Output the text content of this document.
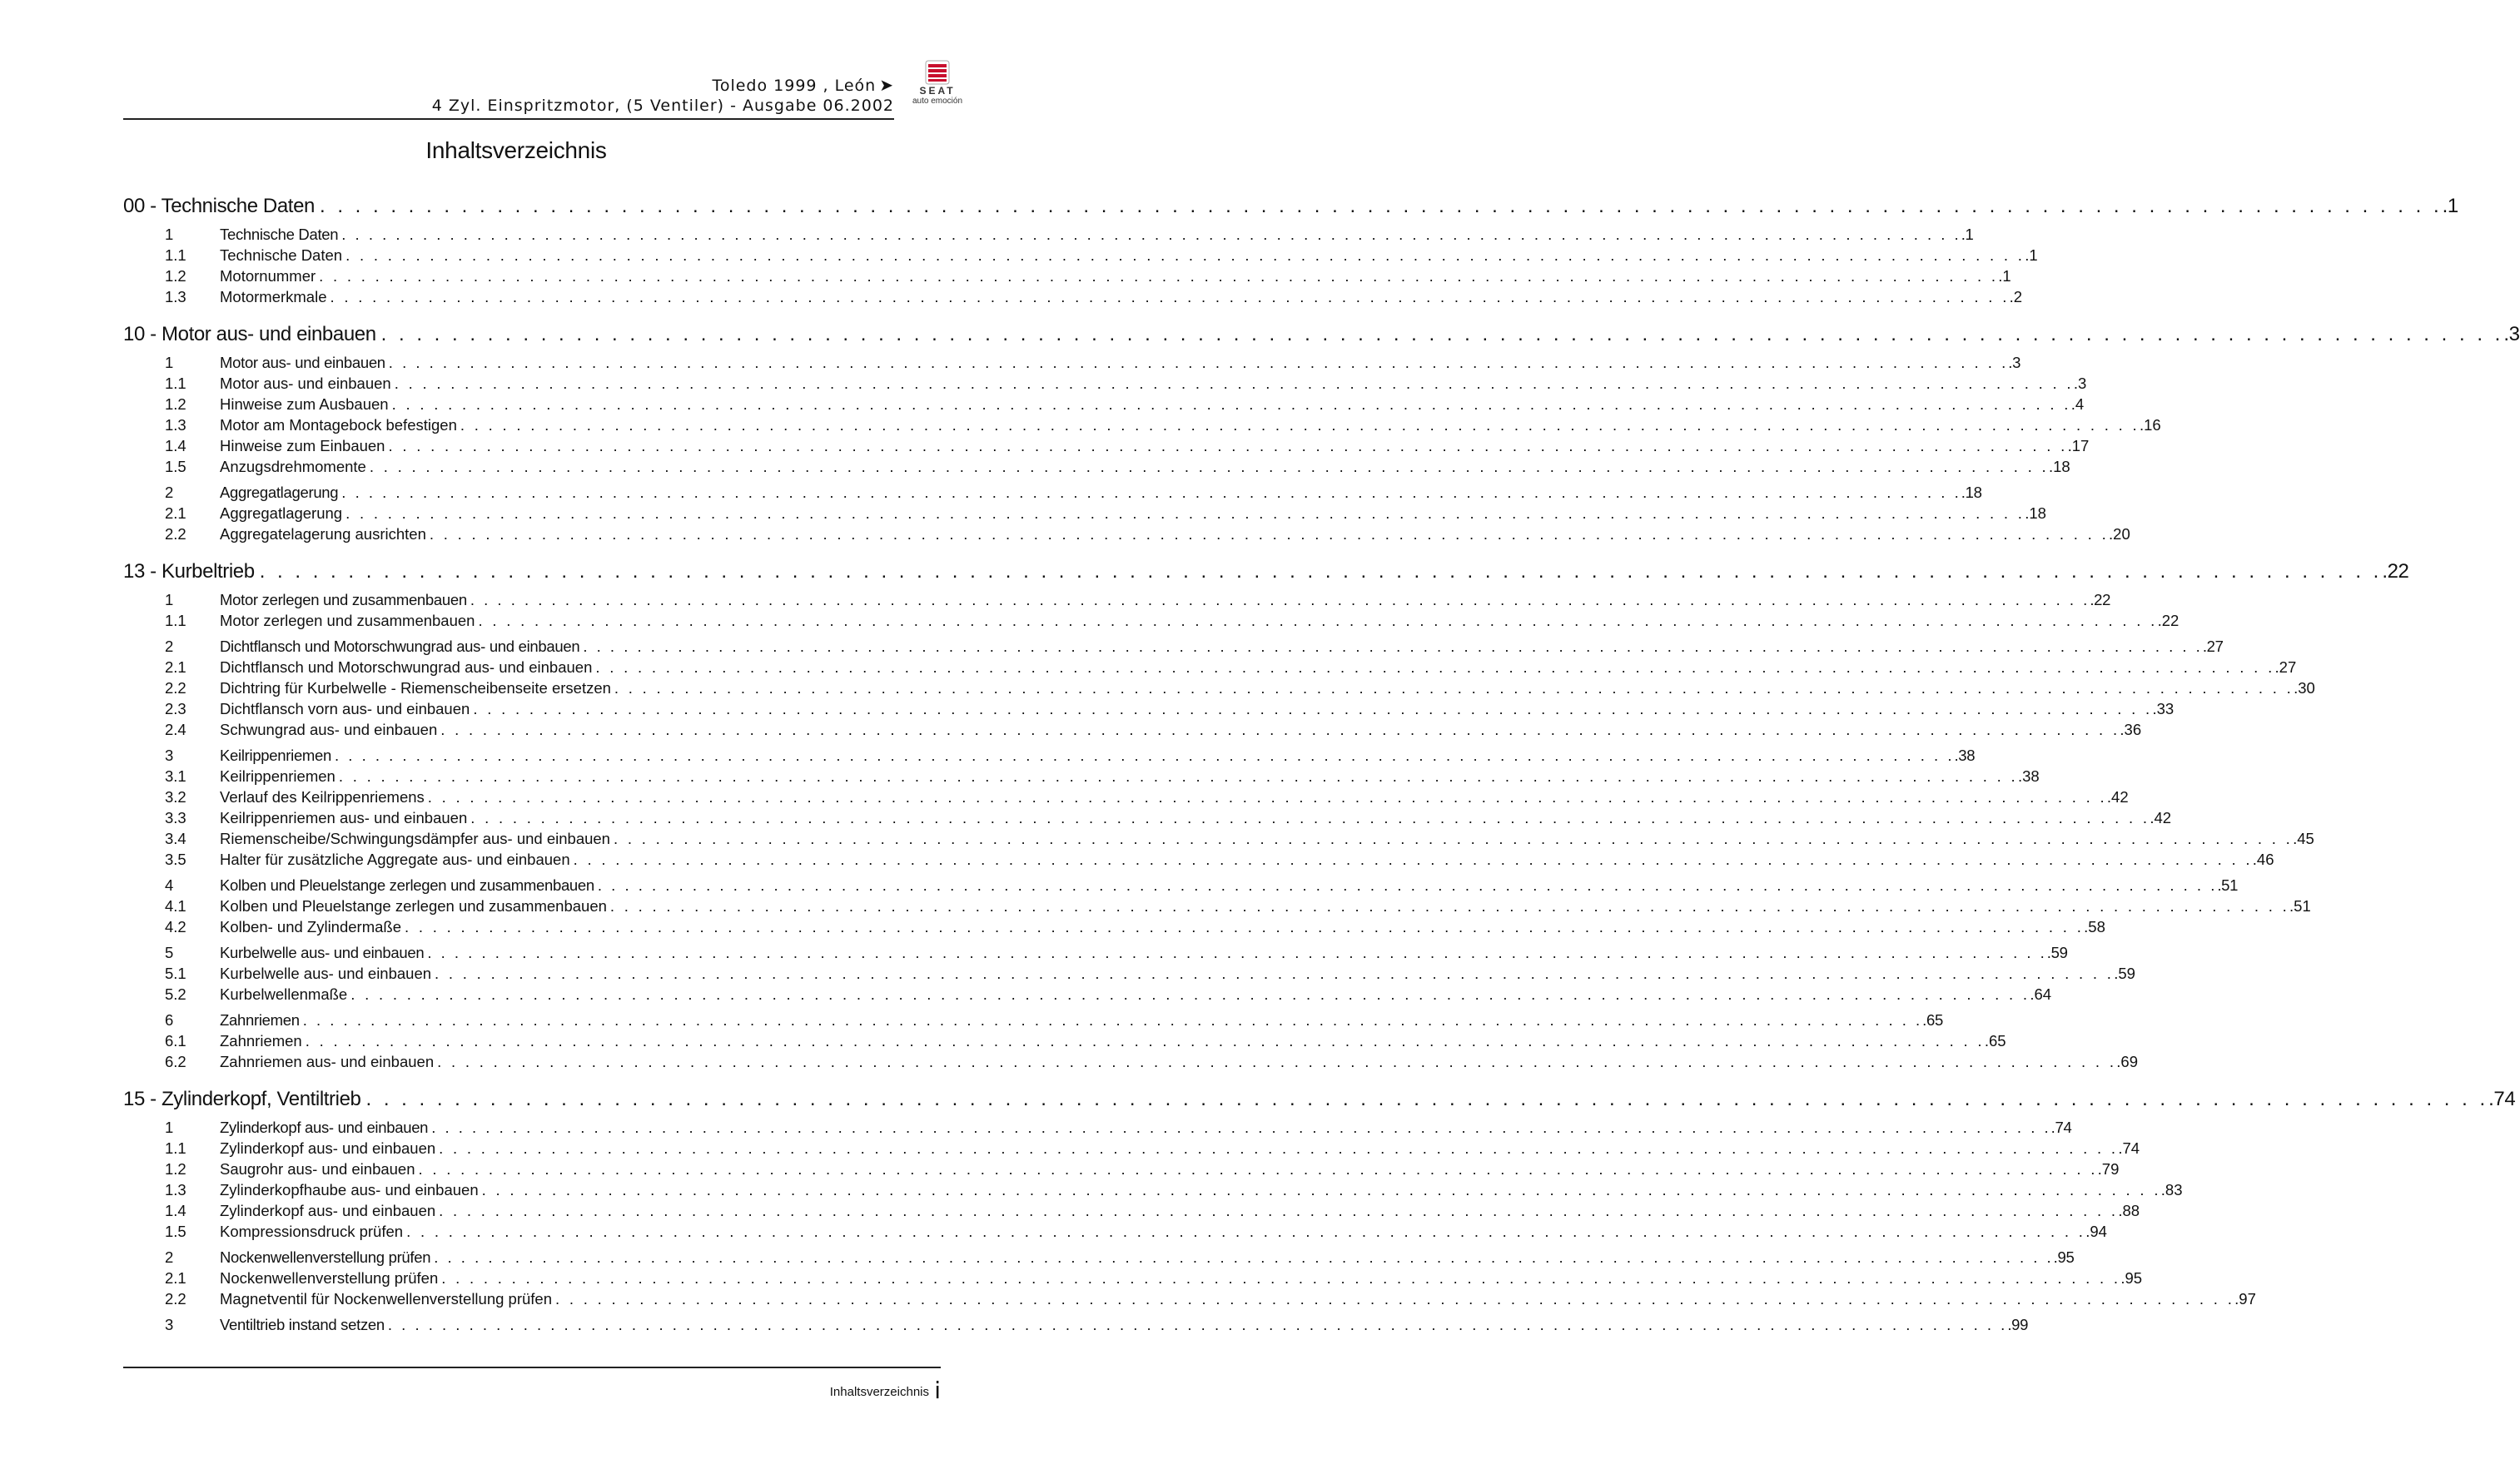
Toledo 1999 , León ➤
4 Zyl. Einspritzmotor, (5 Ventiler) - Ausgabe 06.2002
SEAT
auto emoción
Inhaltsverzeichnis
00 - Technische Daten . . . . . . . . . . . . . . . . . . . . . . . . . . . . . . . . . . . . . . . . . . . . . . . . . . . . . . . . . . . . . . . . . . . . . . . . . . . . . . . . . . . . . . . . . . . . . . . . . . . . . . . . . . . . . . . . . . . . . . . . .1
1	Technische Daten . . . . . . . . . . . . . . . . . . . . . . . . . . . . . . . . . . . . . . . . . . . . . . . . . . . . . . . . . . . . . . . . . . . . . . . . . . . . . . . . . . . . . . . . . . . . . . . . . . . . . . . . . . . . . . . . . . . . . . . . .1
1.1	Technische Daten . . . . . . . . . . . . . . . . . . . . . . . . . . . . . . . . . . . . . . . . . . . . . . . . . . . . . . . . . . . . . . . . . . . . . . . . . . . . . . . . . . . . . . . . . . . . . . . . . . . . . . . . . . . . . . . . . . . . . . . . .1
1.2	Motornummer . . . . . . . . . . . . . . . . . . . . . . . . . . . . . . . . . . . . . . . . . . . . . . . . . . . . . . . . . . . . . . . . . . . . . . . . . . . . . . . . . . . . . . . . . . . . . . . . . . . . . . . . . . . . . . . . . . . . . . . . .1
1.3	Motormerkmale . . . . . . . . . . . . . . . . . . . . . . . . . . . . . . . . . . . . . . . . . . . . . . . . . . . . . . . . . . . . . . . . . . . . . . . . . . . . . . . . . . . . . . . . . . . . . . . . . . . . . . . . . . . . . . . . . . . . . . . . .2
10 - Motor aus- und einbauen . . . . . . . . . . . . . . . . . . . . . . . . . . . . . . . . . . . . . . . . . . . . . . . . . . . . . . . . . . . . . . . . . . . . . . . . . . . . . . . . . . . . . . . . . . . . . . . . . . . . . . . . . . . . . . . . . . . . . . . . .3
1	Motor aus- und einbauen . . . . . . . . . . . . . . . . . . . . . . . . . . . . . . . . . . . . . . . . . . . . . . . . . . . . . . . . . . . . . . . . . . . . . . . . . . . . . . . . . . . . . . . . . . . . . . . . . . . . . . . . . . . . . . . . . . . . . . . . .3
1.1	Motor aus- und einbauen . . . . . . . . . . . . . . . . . . . . . . . . . . . . . . . . . . . . . . . . . . . . . . . . . . . . . . . . . . . . . . . . . . . . . . . . . . . . . . . . . . . . . . . . . . . . . . . . . . . . . . . . . . . . . . . . . . . . . . . . .3
1.2	Hinweise zum Ausbauen . . . . . . . . . . . . . . . . . . . . . . . . . . . . . . . . . . . . . . . . . . . . . . . . . . . . . . . . . . . . . . . . . . . . . . . . . . . . . . . . . . . . . . . . . . . . . . . . . . . . . . . . . . . . . . . . . . . . . . . . .4
1.3	Motor am Montagebock befestigen . . . . . . . . . . . . . . . . . . . . . . . . . . . . . . . . . . . . . . . . . . . . . . . . . . . . . . . . . . . . . . . . . . . . . . . . . . . . . . . . . . . . . . . . . . . . . . . . . . . . . . . . . . . . . . . . . . . . . . . . .16
1.4	Hinweise zum Einbauen . . . . . . . . . . . . . . . . . . . . . . . . . . . . . . . . . . . . . . . . . . . . . . . . . . . . . . . . . . . . . . . . . . . . . . . . . . . . . . . . . . . . . . . . . . . . . . . . . . . . . . . . . . . . . . . . . . . . . . . . .17
1.5	Anzugsdrehmomente . . . . . . . . . . . . . . . . . . . . . . . . . . . . . . . . . . . . . . . . . . . . . . . . . . . . . . . . . . . . . . . . . . . . . . . . . . . . . . . . . . . . . . . . . . . . . . . . . . . . . . . . . . . . . . . . . . . . . . . . .18
2	Aggregatlagerung . . . . . . . . . . . . . . . . . . . . . . . . . . . . . . . . . . . . . . . . . . . . . . . . . . . . . . . . . . . . . . . . . . . . . . . . . . . . . . . . . . . . . . . . . . . . . . . . . . . . . . . . . . . . . . . . . . . . . . . . .18
2.1	Aggregatlagerung . . . . . . . . . . . . . . . . . . . . . . . . . . . . . . . . . . . . . . . . . . . . . . . . . . . . . . . . . . . . . . . . . . . . . . . . . . . . . . . . . . . . . . . . . . . . . . . . . . . . . . . . . . . . . . . . . . . . . . . . .18
2.2	Aggregatelagerung ausrichten . . . . . . . . . . . . . . . . . . . . . . . . . . . . . . . . . . . . . . . . . . . . . . . . . . . . . . . . . . . . . . . . . . . . . . . . . . . . . . . . . . . . . . . . . . . . . . . . . . . . . . . . . . . . . . . . . . . . . . . . .20
13 - Kurbeltrieb . . . . . . . . . . . . . . . . . . . . . . . . . . . . . . . . . . . . . . . . . . . . . . . . . . . . . . . . . . . . . . . . . . . . . . . . . . . . . . . . . . . . . . . . . . . . . . . . . . . . . . . . . . . . . . . . . . . . . . . . .22
1	Motor zerlegen und zusammenbauen . . . . . . . . . . . . . . . . . . . . . . . . . . . . . . . . . . . . . . . . . . . . . . . . . . . . . . . . . . . . . . . . . . . . . . . . . . . . . . . . . . . . . . . . . . . . . . . . . . . . . . . . . . . . . . . . . . . . . . . . .22
1.1	Motor zerlegen und zusammenbauen . . . . . . . . . . . . . . . . . . . . . . . . . . . . . . . . . . . . . . . . . . . . . . . . . . . . . . . . . . . . . . . . . . . . . . . . . . . . . . . . . . . . . . . . . . . . . . . . . . . . . . . . . . . . . . . . . . . . . . . . .22
2	Dichtflansch und Motorschwungrad aus- und einbauen . . . . . . . . . . . . . . . . . . . . . . . . . . . . . . . . . . . . . . . . . . . . . . . . . . . . . . . . . . . . . . . . . . . . . . . . . . . . . . . . . . . . . . . . . . . . . . . . . . . . . . . . . . . . . . . . . . . . . . . . .27
2.1	Dichtflansch und Motorschwungrad aus- und einbauen . . . . . . . . . . . . . . . . . . . . . . . . . . . . . . . . . . . . . . . . . . . . . . . . . . . . . . . . . . . . . . . . . . . . . . . . . . . . . . . . . . . . . . . . . . . . . . . . . . . . . . . . . . . . . . . . . . . . . . . . .27
2.2	Dichtring für Kurbelwelle - Riemenscheibenseite ersetzen . . . . . . . . . . . . . . . . . . . . . . . . . . . . . . . . . . . . . . . . . . . . . . . . . . . . . . . . . . . . . . . . . . . . . . . . . . . . . . . . . . . . . . . . . . . . . . . . . . . . . . . . . . . . . . . . . . . . . . . . .30
2.3	Dichtflansch vorn aus- und einbauen . . . . . . . . . . . . . . . . . . . . . . . . . . . . . . . . . . . . . . . . . . . . . . . . . . . . . . . . . . . . . . . . . . . . . . . . . . . . . . . . . . . . . . . . . . . . . . . . . . . . . . . . . . . . . . . . . . . . . . . . .33
2.4	Schwungrad aus- und einbauen . . . . . . . . . . . . . . . . . . . . . . . . . . . . . . . . . . . . . . . . . . . . . . . . . . . . . . . . . . . . . . . . . . . . . . . . . . . . . . . . . . . . . . . . . . . . . . . . . . . . . . . . . . . . . . . . . . . . . . . . .36
3	Keilrippenriemen . . . . . . . . . . . . . . . . . . . . . . . . . . . . . . . . . . . . . . . . . . . . . . . . . . . . . . . . . . . . . . . . . . . . . . . . . . . . . . . . . . . . . . . . . . . . . . . . . . . . . . . . . . . . . . . . . . . . . . . . .38
3.1	Keilrippenriemen . . . . . . . . . . . . . . . . . . . . . . . . . . . . . . . . . . . . . . . . . . . . . . . . . . . . . . . . . . . . . . . . . . . . . . . . . . . . . . . . . . . . . . . . . . . . . . . . . . . . . . . . . . . . . . . . . . . . . . . . .38
3.2	Verlauf des Keilrippenriemens . . . . . . . . . . . . . . . . . . . . . . . . . . . . . . . . . . . . . . . . . . . . . . . . . . . . . . . . . . . . . . . . . . . . . . . . . . . . . . . . . . . . . . . . . . . . . . . . . . . . . . . . . . . . . . . . . . . . . . . . .42
3.3	Keilrippenriemen aus- und einbauen . . . . . . . . . . . . . . . . . . . . . . . . . . . . . . . . . . . . . . . . . . . . . . . . . . . . . . . . . . . . . . . . . . . . . . . . . . . . . . . . . . . . . . . . . . . . . . . . . . . . . . . . . . . . . . . . . . . . . . . . .42
3.4	Riemenscheibe/Schwingungsdämpfer aus- und einbauen . . . . . . . . . . . . . . . . . . . . . . . . . . . . . . . . . . . . . . . . . . . . . . . . . . . . . . . . . . . . . . . . . . . . . . . . . . . . . . . . . . . . . . . . . . . . . . . . . . . . . . . . . . . . . . . . . . . . . . . . .45
3.5	Halter für zusätzliche Aggregate aus- und einbauen . . . . . . . . . . . . . . . . . . . . . . . . . . . . . . . . . . . . . . . . . . . . . . . . . . . . . . . . . . . . . . . . . . . . . . . . . . . . . . . . . . . . . . . . . . . . . . . . . . . . . . . . . . . . . . . . . . . . . . . . .46
4	Kolben und Pleuelstange zerlegen und zusammenbauen . . . . . . . . . . . . . . . . . . . . . . . . . . . . . . . . . . . . . . . . . . . . . . . . . . . . . . . . . . . . . . . . . . . . . . . . . . . . . . . . . . . . . . . . . . . . . . . . . . . . . . . . . . . . . . . . . . . . . . . . .51
4.1	Kolben und Pleuelstange zerlegen und zusammenbauen . . . . . . . . . . . . . . . . . . . . . . . . . . . . . . . . . . . . . . . . . . . . . . . . . . . . . . . . . . . . . . . . . . . . . . . . . . . . . . . . . . . . . . . . . . . . . . . . . . . . . . . . . . . . . . . . . . . . . . . . .51
4.2	Kolben- und Zylindermaße . . . . . . . . . . . . . . . . . . . . . . . . . . . . . . . . . . . . . . . . . . . . . . . . . . . . . . . . . . . . . . . . . . . . . . . . . . . . . . . . . . . . . . . . . . . . . . . . . . . . . . . . . . . . . . . . . . . . . . . . .58
5	Kurbelwelle aus- und einbauen . . . . . . . . . . . . . . . . . . . . . . . . . . . . . . . . . . . . . . . . . . . . . . . . . . . . . . . . . . . . . . . . . . . . . . . . . . . . . . . . . . . . . . . . . . . . . . . . . . . . . . . . . . . . . . . . . . . . . . . . .59
5.1	Kurbelwelle aus- und einbauen . . . . . . . . . . . . . . . . . . . . . . . . . . . . . . . . . . . . . . . . . . . . . . . . . . . . . . . . . . . . . . . . . . . . . . . . . . . . . . . . . . . . . . . . . . . . . . . . . . . . . . . . . . . . . . . . . . . . . . . . .59
5.2	Kurbelwellenmaße . . . . . . . . . . . . . . . . . . . . . . . . . . . . . . . . . . . . . . . . . . . . . . . . . . . . . . . . . . . . . . . . . . . . . . . . . . . . . . . . . . . . . . . . . . . . . . . . . . . . . . . . . . . . . . . . . . . . . . . . .64
6	Zahnriemen . . . . . . . . . . . . . . . . . . . . . . . . . . . . . . . . . . . . . . . . . . . . . . . . . . . . . . . . . . . . . . . . . . . . . . . . . . . . . . . . . . . . . . . . . . . . . . . . . . . . . . . . . . . . . . . . . . . . . . . . .65
6.1	Zahnriemen . . . . . . . . . . . . . . . . . . . . . . . . . . . . . . . . . . . . . . . . . . . . . . . . . . . . . . . . . . . . . . . . . . . . . . . . . . . . . . . . . . . . . . . . . . . . . . . . . . . . . . . . . . . . . . . . . . . . . . . . .65
6.2	Zahnriemen aus- und einbauen . . . . . . . . . . . . . . . . . . . . . . . . . . . . . . . . . . . . . . . . . . . . . . . . . . . . . . . . . . . . . . . . . . . . . . . . . . . . . . . . . . . . . . . . . . . . . . . . . . . . . . . . . . . . . . . . . . . . . . . . .69
15 - Zylinderkopf, Ventiltrieb . . . . . . . . . . . . . . . . . . . . . . . . . . . . . . . . . . . . . . . . . . . . . . . . . . . . . . . . . . . . . . . . . . . . . . . . . . . . . . . . . . . . . . . . . . . . . . . . . . . . . . . . . . . . . . . . . . . . . . . . .74
1	Zylinderkopf aus- und einbauen . . . . . . . . . . . . . . . . . . . . . . . . . . . . . . . . . . . . . . . . . . . . . . . . . . . . . . . . . . . . . . . . . . . . . . . . . . . . . . . . . . . . . . . . . . . . . . . . . . . . . . . . . . . . . . . . . . . . . . . . .74
1.1	Zylinderkopf aus- und einbauen . . . . . . . . . . . . . . . . . . . . . . . . . . . . . . . . . . . . . . . . . . . . . . . . . . . . . . . . . . . . . . . . . . . . . . . . . . . . . . . . . . . . . . . . . . . . . . . . . . . . . . . . . . . . . . . . . . . . . . . . .74
1.2	Saugrohr aus- und einbauen . . . . . . . . . . . . . . . . . . . . . . . . . . . . . . . . . . . . . . . . . . . . . . . . . . . . . . . . . . . . . . . . . . . . . . . . . . . . . . . . . . . . . . . . . . . . . . . . . . . . . . . . . . . . . . . . . . . . . . . . .79
1.3	Zylinderkopfhaube aus- und einbauen . . . . . . . . . . . . . . . . . . . . . . . . . . . . . . . . . . . . . . . . . . . . . . . . . . . . . . . . . . . . . . . . . . . . . . . . . . . . . . . . . . . . . . . . . . . . . . . . . . . . . . . . . . . . . . . . . . . . . . . . .83
1.4	Zylinderkopf aus- und einbauen . . . . . . . . . . . . . . . . . . . . . . . . . . . . . . . . . . . . . . . . . . . . . . . . . . . . . . . . . . . . . . . . . . . . . . . . . . . . . . . . . . . . . . . . . . . . . . . . . . . . . . . . . . . . . . . . . . . . . . . . .88
1.5	Kompressionsdruck prüfen . . . . . . . . . . . . . . . . . . . . . . . . . . . . . . . . . . . . . . . . . . . . . . . . . . . . . . . . . . . . . . . . . . . . . . . . . . . . . . . . . . . . . . . . . . . . . . . . . . . . . . . . . . . . . . . . . . . . . . . . .94
2	Nockenwellenverstellung prüfen . . . . . . . . . . . . . . . . . . . . . . . . . . . . . . . . . . . . . . . . . . . . . . . . . . . . . . . . . . . . . . . . . . . . . . . . . . . . . . . . . . . . . . . . . . . . . . . . . . . . . . . . . . . . . . . . . . . . . . . . .95
2.1	Nockenwellenverstellung prüfen . . . . . . . . . . . . . . . . . . . . . . . . . . . . . . . . . . . . . . . . . . . . . . . . . . . . . . . . . . . . . . . . . . . . . . . . . . . . . . . . . . . . . . . . . . . . . . . . . . . . . . . . . . . . . . . . . . . . . . . . .95
2.2	Magnetventil für Nockenwellenverstellung prüfen . . . . . . . . . . . . . . . . . . . . . . . . . . . . . . . . . . . . . . . . . . . . . . . . . . . . . . . . . . . . . . . . . . . . . . . . . . . . . . . . . . . . . . . . . . . . . . . . . . . . . . . . . . . . . . . . . . . . . . . . .97
3	Ventiltrieb instand setzen . . . . . . . . . . . . . . . . . . . . . . . . . . . . . . . . . . . . . . . . . . . . . . . . . . . . . . . . . . . . . . . . . . . . . . . . . . . . . . . . . . . . . . . . . . . . . . . . . . . . . . . . . . . . . . . . . . . . . . . . .99
Inhaltsverzeichnis i
